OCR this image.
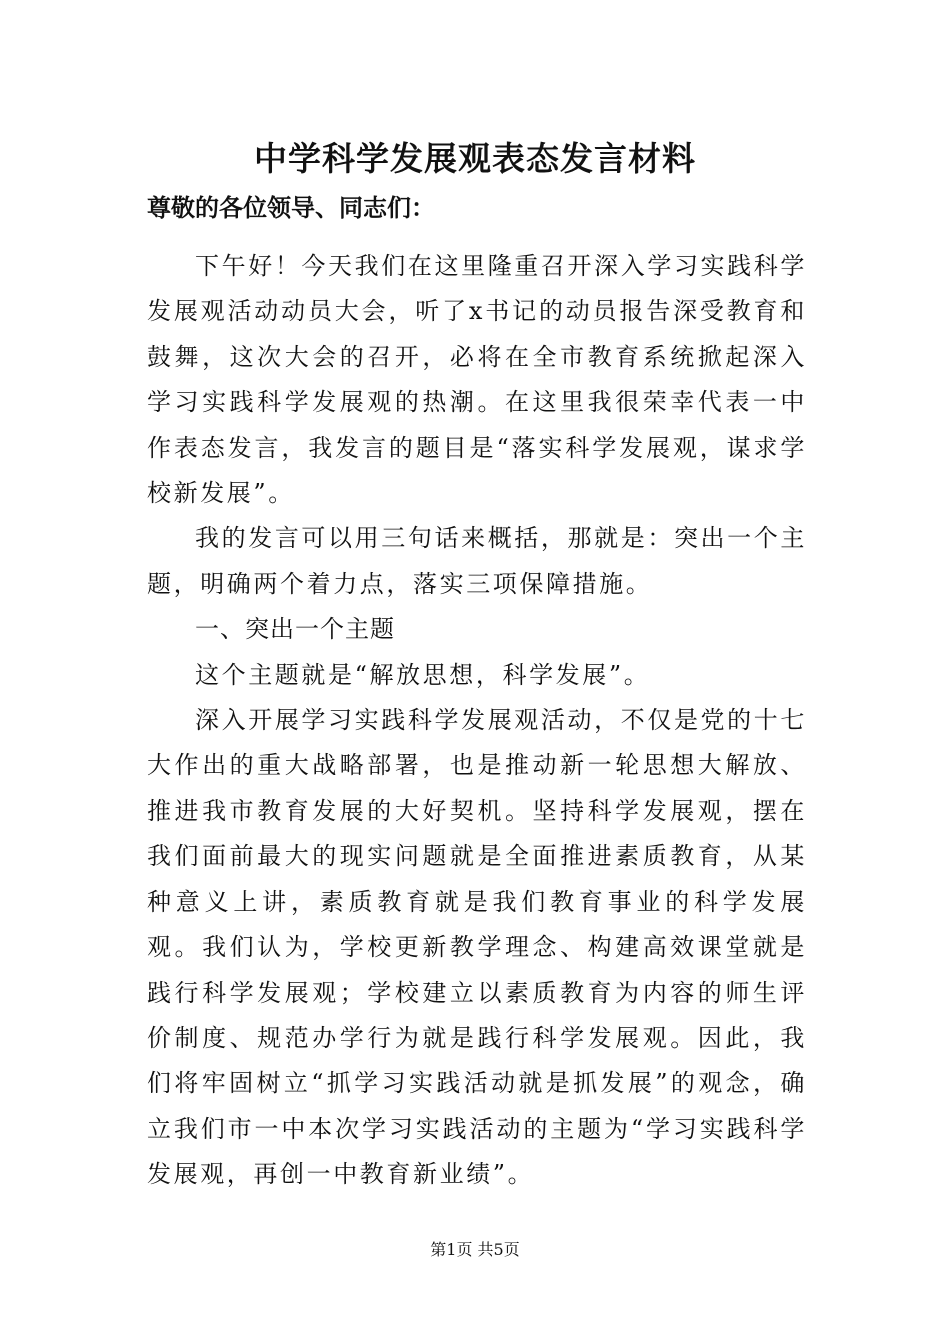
中学科学发展观表态发言材料

尊敬的各位领导、同志们：

下午好！今天我们在这里隆重召开深入学习实践科学发展观活动动员大会，听了x书记的动员报告深受教育和鼓舞，这次大会的召开，必将在全市教育系统掀起深入学习实践科学发展观的热潮。在这里我很荣幸代表一中作表态发言，我发言的题目是“落实科学发展观，谋求学校新发展”。

我的发言可以用三句话来概括，那就是：突出一个主题，明确两个着力点，落实三项保障措施。

一、突出一个主题

这个主题就是“解放思想，科学发展”。

深入开展学习实践科学发展观活动，不仅是党的十七大作出的重大战略部署，也是推动新一轮思想大解放、推进我市教育发展的大好契机。坚持科学发展观，摆在我们面前最大的现实问题就是全面推进素质教育，从某种意义上讲，素质教育就是我们教育事业的科学发展观。我们认为，学校更新教学理念、构建高效课堂就是践行科学发展观；学校建立以素质教育为内容的师生评价制度、规范办学行为就是践行科学发展观。因此，我们将牢固树立“抓学习实践活动就是抓发展”的观念，确立我们市一中本次学习实践活动的主题为“学习实践科学发展观，再创一中教育新业绩”。

第1页 共5页
